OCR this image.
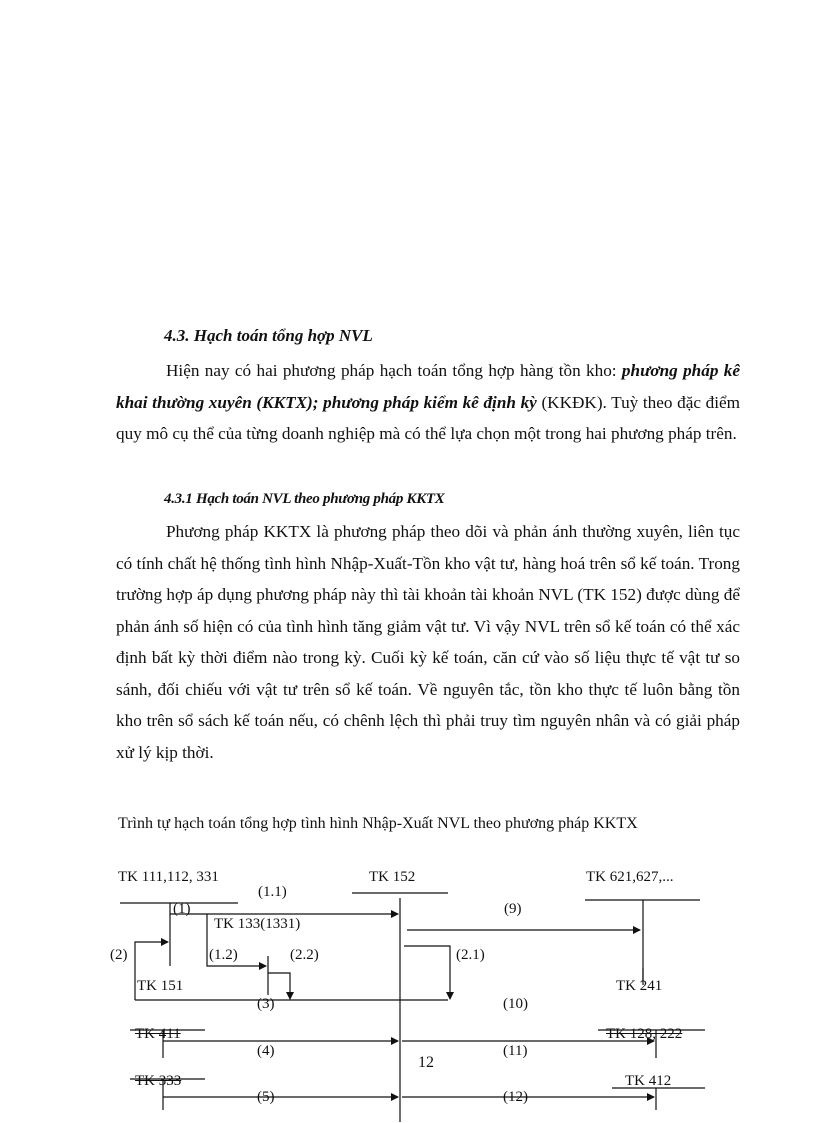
4.3. Hạch toán tổng hợp NVL

Hiện nay có hai phương pháp hạch toán tổng hợp hàng tồn kho: phương pháp kê khai thường xuyên (KKTX); phương pháp kiểm kê định kỳ (KKĐK). Tuỳ theo đặc điểm quy mô cụ thể của từng doanh nghiệp mà có thể lựa chọn một trong hai phương pháp trên.

4.3.1 Hạch toán NVL theo phương pháp KKTX

Phương pháp KKTX là phương pháp theo dõi và phản ánh thường xuyên, liên tục có tính chất hệ thống tình hình Nhập-Xuất-Tồn kho vật tư, hàng hoá trên sổ kế toán. Trong trường hợp áp dụng phương pháp này thì tài khoản tài khoản NVL (TK 152) được dùng để phản ánh số hiện có của tình hình tăng giảm vật tư. Vì vậy NVL trên sổ kế toán có thể xác định bất kỳ thời điểm nào trong kỳ. Cuối kỳ kế toán, căn cứ vào số liệu thực tế vật tư so sánh, đối chiếu với vật tư trên sổ kế toán. Về nguyên tắc, tồn kho thực tế luôn bằng tồn kho trên sổ sách kế toán nếu, có chênh lệch thì phải truy tìm nguyên nhân và có giải pháp xử lý kịp thời.

Trình tự hạch toán tổng hợp tình hình Nhập-Xuất NVL theo phương pháp KKTX

TK 111,112, 331	TK 152	TK 621,627,...
(1.1)
(1)
TK 133(1331)
(9)
(2)	(1.2)	(2.2)	(2.1)
TK 151	TK 241
(3)	(10)
TK 411	TK 128, 222
(4)	(11)
TK 333	TK 412
(5)	(12)
12
